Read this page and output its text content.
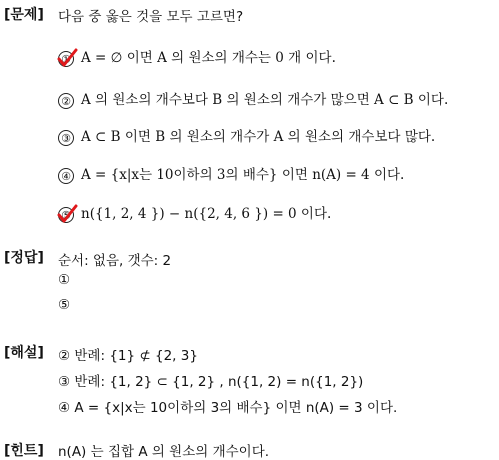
[문제] 다음 중 옳은 것을 모두 고르면?
① A = ∅ 이면 A 의 원소의 개수는 0 개 이다.
② A 의 원소의 개수보다 B 의 원소의 개수가 많으면 A ⊂ B 이다.
③ A ⊂ B 이면 B 의 원소의 개수가 A 의 원소의 개수보다 많다.
④ A = {x|x는 10이하의 3의 배수} 이면 n(A) = 4 이다.
⑤ n({1, 2, 4 }) − n({2, 4, 6 }) = 0 이다.
[정답] 순서: 없음, 갯수: 2
①
⑤
[해설] ② 반례: {1} ⊄ {2, 3}
③ 반례: {1, 2} ⊂ {1, 2} , n({1, 2) = n({1, 2})
④ A = {x|x는 10이하의 3의 배수} 이면 n(A) = 3 이다.
[힌트] n(A) 는 집합 A 의 원소의 개수이다.
